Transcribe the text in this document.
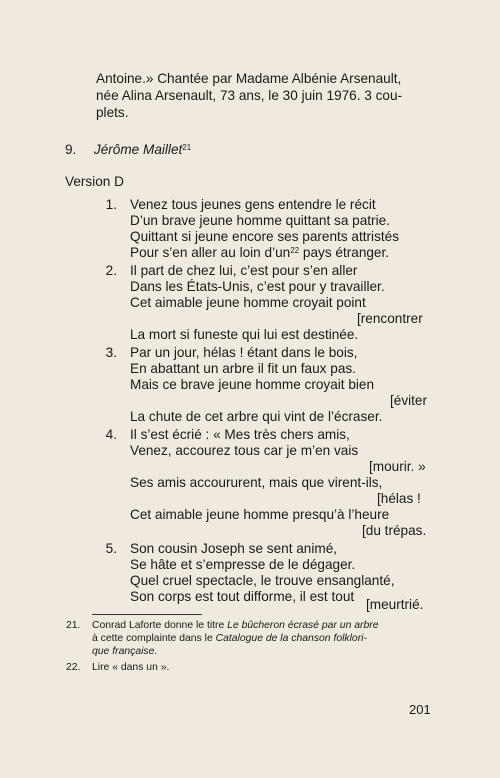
Antoine.» Chantée par Madame Albénie Arsenault,
née Alina Arsenault, 73 ans, le 30 juin 1976. 3 cou-
plets.
9. Jérôme Maillet$^{21}$
Version D
1. Venez tous jeunes gens entendre le récit
D’un brave jeune homme quittant sa patrie.
Quittant si jeune encore ses parents attristés
Pour s’en aller au loin $d’un^{22}$ pays étranger.
2. Il part de chez lui, c’est pour s’en aller
Dans les États-Unis, c’est pour y travailler.
Cet aimable jeune homme croyait point
[rencontrer
La mort si funeste qui lui est destinée.
3. Par un jour, hélas ! étant dans le bois,
En abattant un arbre il fit un faux pas.
Mais ce brave jeune homme croyait bien
[éviter
La chute de cet arbre qui vint de l’écraser.
4. Il s’est écrié : « Mes très chers amis,
Venez, accourez tous car je m’en vais
[mourir. »
Ses amis accoururent, mais que virent-ils,
[hélas !
Cet aimable jeune homme presqu’à l’heure
[du trépas.
5. Son cousin Joseph se sent animé,
Se hâte et s’empresse de le dégager.
Quel cruel spectacle, le trouve ensanglanté,
Son corps est tout difforme, il est tout
[meurtrié.
21. Conrad Laforte donne le titre Le bûcheron écrasé par un arbre
à cette complainte dans le Catalogue de la chanson folklori-
que française.
22. Lire « dans un ».
201
